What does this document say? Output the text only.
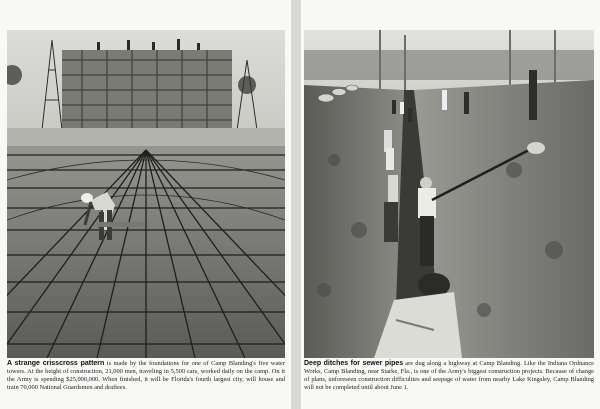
A strange crisscross pattern is made by the foundations for one of Camp Blanding's five water towers. At the height of construction, 21,000 men, traveling in 5,500 cars, worked daily on the camp. On it the Army is spending $25,000,000. When finished, it will be Florida's fourth largest city, will house and train 70,000 National Guardsmen and draftees.

Deep ditches for sewer pipes are dug along a highway at Camp Blanding. Like the Indiana Ordnance Works, Camp Blanding, near Starke, Fla., is one of the Army's biggest construction projects. Because of change of plans, unforeseen construction difficulties and seepage of water from nearby Lake Kingsley, Camp Blanding will not be completed until about June 1.
